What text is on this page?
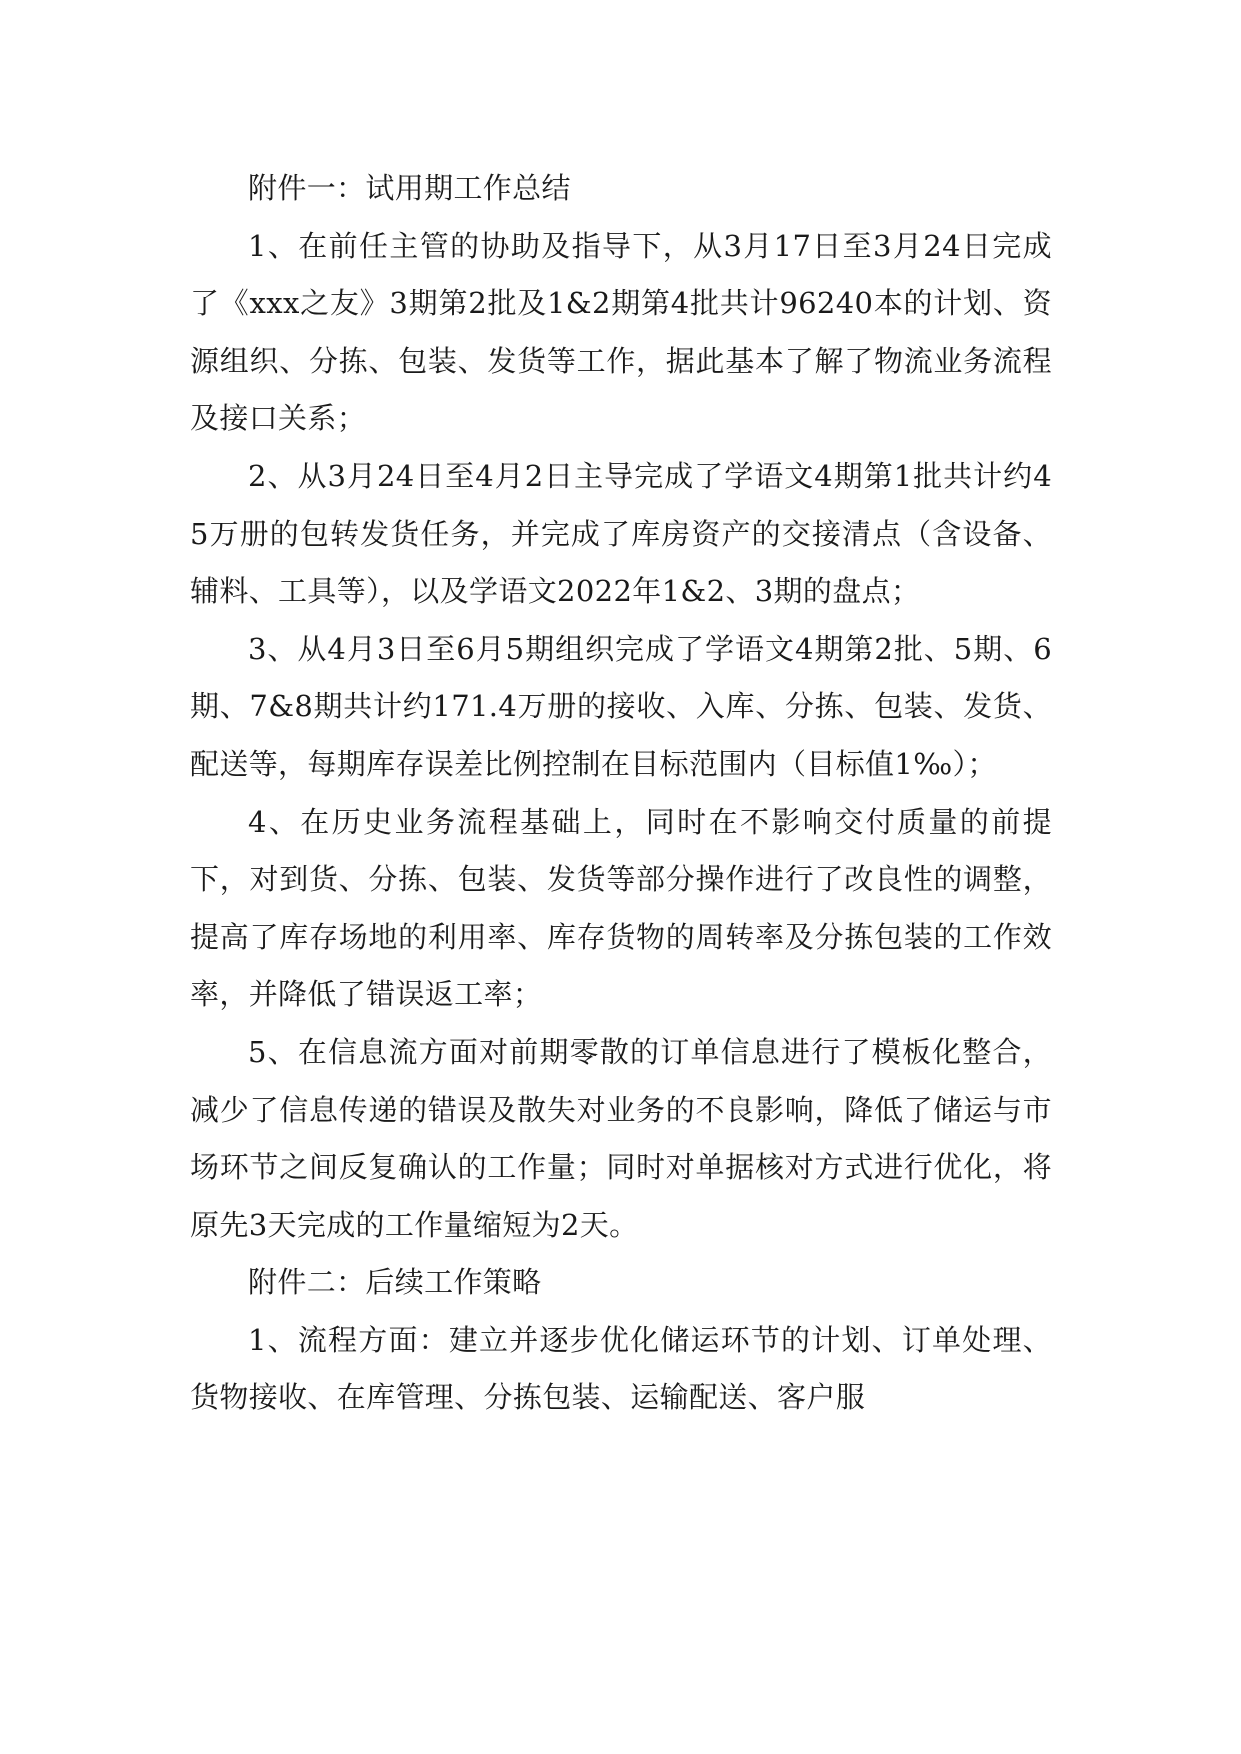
附件一：试用期工作总结

1、在前任主管的协助及指导下，从3月17日至3月24日完成了《xxx之友》3期第2批及1&2期第4批共计96240本的计划、资源组织、分拣、包装、发货等工作，据此基本了解了物流业务流程及接口关系；

2、从3月24日至4月2日主导完成了学语文4期第1批共计约45万册的包转发货任务，并完成了库房资产的交接清点（含设备、辅料、工具等），以及学语文2022年1&2、3期的盘点；

3、从4月3日至6月5期组织完成了学语文4期第2批、5期、6期、7&8期共计约171.4万册的接收、入库、分拣、包装、发货、配送等，每期库存误差比例控制在目标范围内（目标值1‰）；

4、在历史业务流程基础上，同时在不影响交付质量的前提下，对到货、分拣、包装、发货等部分操作进行了改良性的调整，提高了库存场地的利用率、库存货物的周转率及分拣包装的工作效率，并降低了错误返工率；

5、在信息流方面对前期零散的订单信息进行了模板化整合，减少了信息传递的错误及散失对业务的不良影响，降低了储运与市场环节之间反复确认的工作量；同时对单据核对方式进行优化，将原先3天完成的工作量缩短为2天。

附件二：后续工作策略

1、流程方面：建立并逐步优化储运环节的计划、订单处理、货物接收、在库管理、分拣包装、运输配送、客户服
